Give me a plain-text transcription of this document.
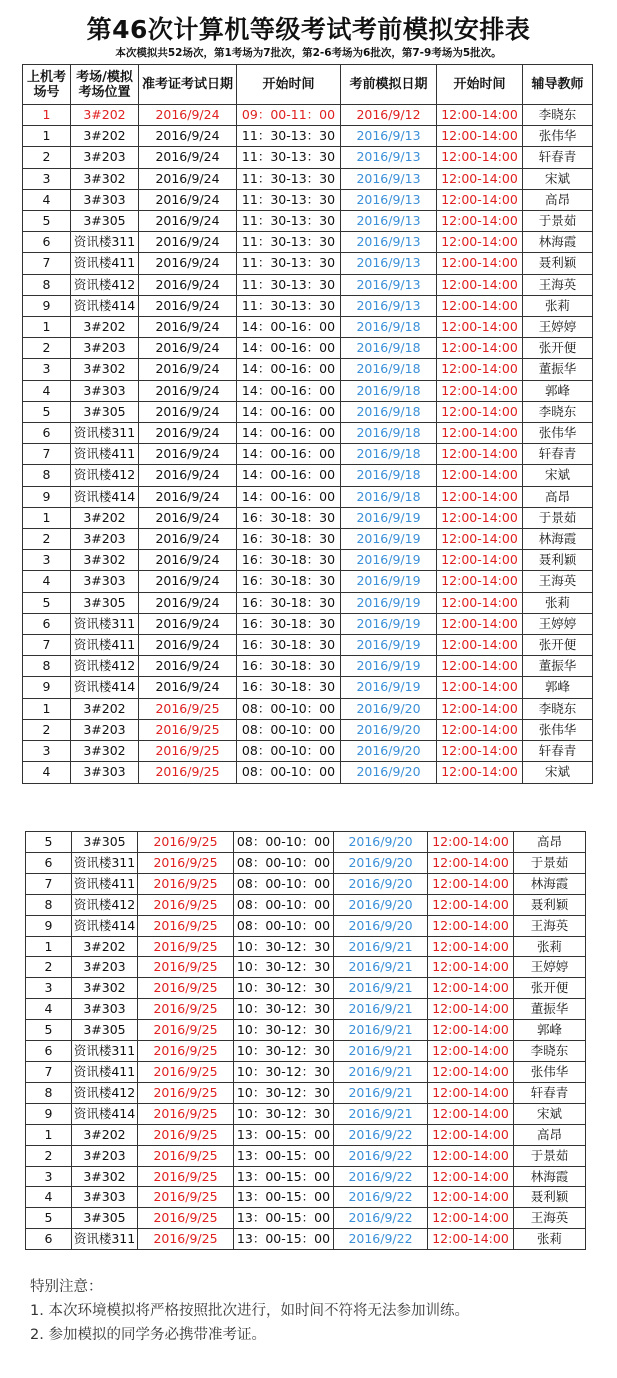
第46次计算机等级考试考前模拟安排表
本次模拟共52场次，第1考场为7批次，第2-6考场为6批次，第7-9考场为5批次。
上机考场号	考场/模拟考场位置	准考证考试日期	开始时间	考前模拟日期	开始时间	辅导教师
1	3#202	2016/9/24	09：00-11：00	2016/9/12	12:00-14:00	李晓东
1	3#202	2016/9/24	11：30-13：30	2016/9/13	12:00-14:00	张伟华
2	3#203	2016/9/24	11：30-13：30	2016/9/13	12:00-14:00	轩春青
3	3#302	2016/9/24	11：30-13：30	2016/9/13	12:00-14:00	宋斌
4	3#303	2016/9/24	11：30-13：30	2016/9/13	12:00-14:00	高昂
5	3#305	2016/9/24	11：30-13：30	2016/9/13	12:00-14:00	于景茹
6	资讯楼311	2016/9/24	11：30-13：30	2016/9/13	12:00-14:00	林海霞
7	资讯楼411	2016/9/24	11：30-13：30	2016/9/13	12:00-14:00	聂利颖
8	资讯楼412	2016/9/24	11：30-13：30	2016/9/13	12:00-14:00	王海英
9	资讯楼414	2016/9/24	11：30-13：30	2016/9/13	12:00-14:00	张莉
1	3#202	2016/9/24	14：00-16：00	2016/9/18	12:00-14:00	王婷婷
2	3#203	2016/9/24	14：00-16：00	2016/9/18	12:00-14:00	张开便
3	3#302	2016/9/24	14：00-16：00	2016/9/18	12:00-14:00	董振华
4	3#303	2016/9/24	14：00-16：00	2016/9/18	12:00-14:00	郭峰
5	3#305	2016/9/24	14：00-16：00	2016/9/18	12:00-14:00	李晓东
6	资讯楼311	2016/9/24	14：00-16：00	2016/9/18	12:00-14:00	张伟华
7	资讯楼411	2016/9/24	14：00-16：00	2016/9/18	12:00-14:00	轩春青
8	资讯楼412	2016/9/24	14：00-16：00	2016/9/18	12:00-14:00	宋斌
9	资讯楼414	2016/9/24	14：00-16：00	2016/9/18	12:00-14:00	高昂
1	3#202	2016/9/24	16：30-18：30	2016/9/19	12:00-14:00	于景茹
2	3#203	2016/9/24	16：30-18：30	2016/9/19	12:00-14:00	林海霞
3	3#302	2016/9/24	16：30-18：30	2016/9/19	12:00-14:00	聂利颖
4	3#303	2016/9/24	16：30-18：30	2016/9/19	12:00-14:00	王海英
5	3#305	2016/9/24	16：30-18：30	2016/9/19	12:00-14:00	张莉
6	资讯楼311	2016/9/24	16：30-18：30	2016/9/19	12:00-14:00	王婷婷
7	资讯楼411	2016/9/24	16：30-18：30	2016/9/19	12:00-14:00	张开便
8	资讯楼412	2016/9/24	16：30-18：30	2016/9/19	12:00-14:00	董振华
9	资讯楼414	2016/9/24	16：30-18：30	2016/9/19	12:00-14:00	郭峰
1	3#202	2016/9/25	08：00-10：00	2016/9/20	12:00-14:00	李晓东
2	3#203	2016/9/25	08：00-10：00	2016/9/20	12:00-14:00	张伟华
3	3#302	2016/9/25	08：00-10：00	2016/9/20	12:00-14:00	轩春青
4	3#303	2016/9/25	08：00-10：00	2016/9/20	12:00-14:00	宋斌
5	3#305	2016/9/25	08：00-10：00	2016/9/20	12:00-14:00	高昂
6	资讯楼311	2016/9/25	08：00-10：00	2016/9/20	12:00-14:00	于景茹
7	资讯楼411	2016/9/25	08：00-10：00	2016/9/20	12:00-14:00	林海霞
8	资讯楼412	2016/9/25	08：00-10：00	2016/9/20	12:00-14:00	聂利颖
9	资讯楼414	2016/9/25	08：00-10：00	2016/9/20	12:00-14:00	王海英
1	3#202	2016/9/25	10：30-12：30	2016/9/21	12:00-14:00	张莉
2	3#203	2016/9/25	10：30-12：30	2016/9/21	12:00-14:00	王婷婷
3	3#302	2016/9/25	10：30-12：30	2016/9/21	12:00-14:00	张开便
4	3#303	2016/9/25	10：30-12：30	2016/9/21	12:00-14:00	董振华
5	3#305	2016/9/25	10：30-12：30	2016/9/21	12:00-14:00	郭峰
6	资讯楼311	2016/9/25	10：30-12：30	2016/9/21	12:00-14:00	李晓东
7	资讯楼411	2016/9/25	10：30-12：30	2016/9/21	12:00-14:00	张伟华
8	资讯楼412	2016/9/25	10：30-12：30	2016/9/21	12:00-14:00	轩春青
9	资讯楼414	2016/9/25	10：30-12：30	2016/9/21	12:00-14:00	宋斌
1	3#202	2016/9/25	13：00-15：00	2016/9/22	12:00-14:00	高昂
2	3#203	2016/9/25	13：00-15：00	2016/9/22	12:00-14:00	于景茹
3	3#302	2016/9/25	13：00-15：00	2016/9/22	12:00-14:00	林海霞
4	3#303	2016/9/25	13：00-15：00	2016/9/22	12:00-14:00	聂利颖
5	3#305	2016/9/25	13：00-15：00	2016/9/22	12:00-14:00	王海英
6	资讯楼311	2016/9/25	13：00-15：00	2016/9/22	12:00-14:00	张莉
特别注意：
1. 本次环境模拟将严格按照批次进行，如时间不符将无法参加训练。
2. 参加模拟的同学务必携带准考证。
